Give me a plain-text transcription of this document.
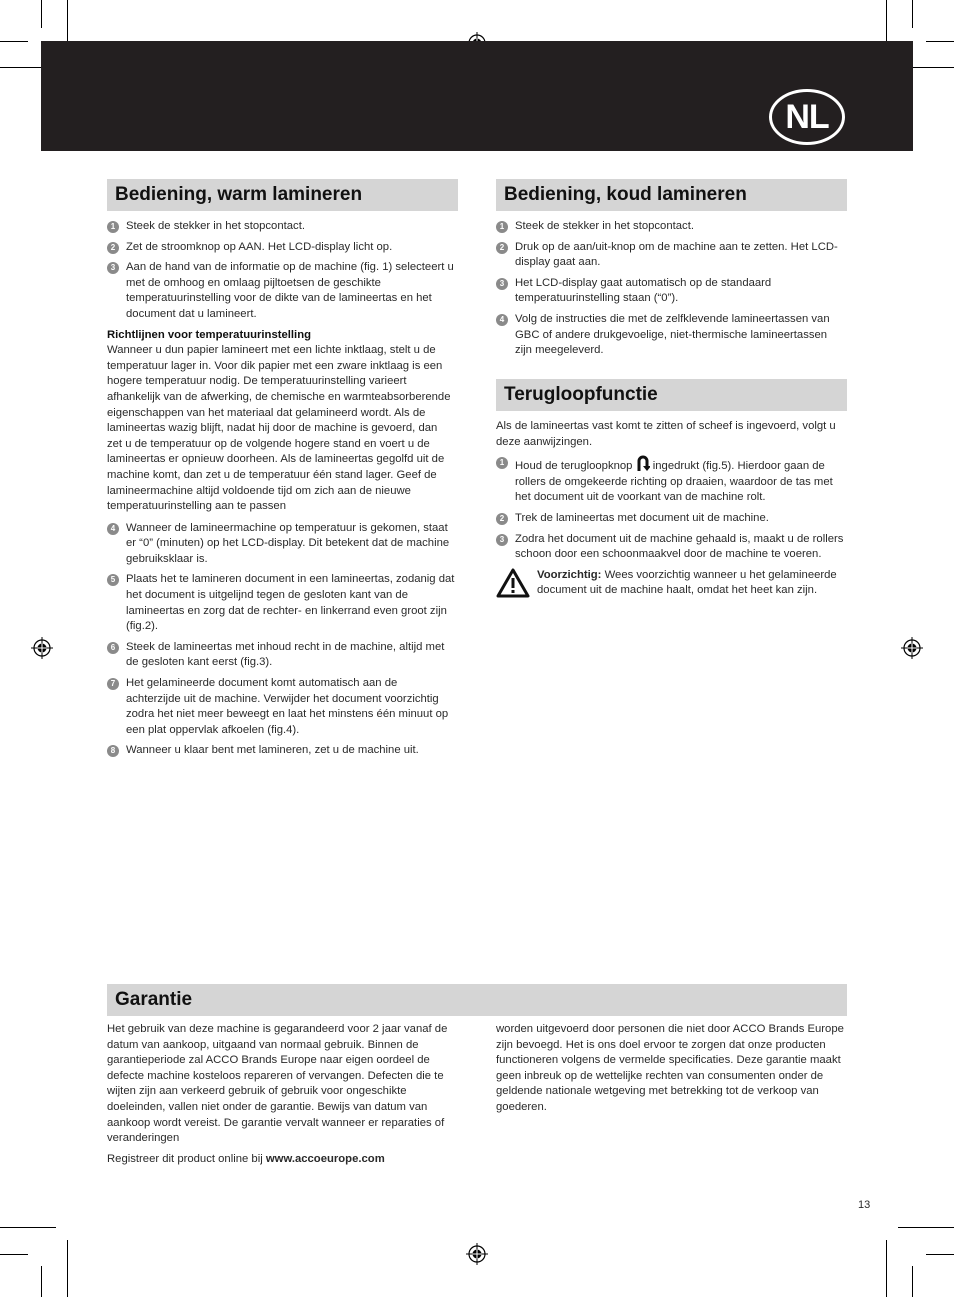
NL
Bediening, warm lamineren
1 Steek de stekker in het stopcontact.
2 Zet de stroomknop op AAN. Het LCD-display licht op.
3 Aan de hand van de informatie op de machine (fig. 1) selecteert u met de omhoog en omlaag pijltoetsen de geschikte temperatuurinstelling voor de dikte van de lamineertas en het document dat u lamineert.
Richtlijnen voor temperatuurinstelling
Wanneer u dun papier lamineert met een lichte inktlaag, stelt u de temperatuur lager in. Voor dik papier met een zware inktlaag is een hogere temperatuur nodig. De temperatuurinstelling varieert afhankelijk van de afwerking, de chemische en warmteabsorberende eigenschappen van het materiaal dat gelamineerd wordt. Als de lamineertas wazig blijft, nadat hij door de machine is gevoerd, dan zet u de temperatuur op de volgende hogere stand en voert u de lamineertas er opnieuw doorheen. Als de lamineertas gegolfd uit de machine komt, dan zet u de temperatuur één stand lager. Geef de lamineermachine altijd voldoende tijd om zich aan de nieuwe temperatuurinstelling aan te passen
4 Wanneer de lamineermachine op temperatuur is gekomen, staat er “0” (minuten) op het LCD-display. Dit betekent dat de machine gebruiksklaar is.
5 Plaats het te lamineren document in een lamineertas, zodanig dat het document is uitgelijnd tegen de gesloten kant van de lamineertas en zorg dat de rechter- en linkerrand even groot zijn (fig.2).
6 Steek de lamineertas met inhoud recht in de machine, altijd met de gesloten kant eerst (fig.3).
7 Het gelamineerde document komt automatisch aan de achterzijde uit de machine. Verwijder het document voorzichtig zodra het niet meer beweegt en laat het minstens één minuut op een plat oppervlak afkoelen (fig.4).
8 Wanneer u klaar bent met lamineren, zet u de machine uit.
Bediening, koud lamineren
1 Steek de stekker in het stopcontact.
2 Druk op de aan/uit-knop om de machine aan te zetten. Het LCD-display gaat aan.
3 Het LCD-display gaat automatisch op de standaard temperatuurinstelling staan (“0”).
4 Volg de instructies die met de zelfklevende lamineertassen van GBC of andere drukgevoelige, niet-thermische lamineertassen zijn meegeleverd.
Terugloopfunctie

Als de lamineertas vast komt te zitten of scheef is ingevoerd, volgt u deze aanwijzingen.

1 Houd de terugloopknop ingedrukt (fig.5). Hierdoor gaan de rollers de omgekeerde richting op draaien, waardoor de tas met het document uit de voorkant van de machine rolt.
2 Trek de lamineertas met document uit de machine.
3 Zodra het document uit de machine gehaald is, maakt u de rollers schoon door een schoonmaakvel door de machine te voeren.
Voorzichtig: Wees voorzichtig wanneer u het gelamineerde document uit de machine haalt, omdat het heet kan zijn.
Garantie

Het gebruik van deze machine is gegarandeerd voor 2 jaar vanaf de datum van aankoop, uitgaand van normaal gebruik. Binnen de garantieperiode zal ACCO Brands Europe naar eigen oordeel de defecte machine kosteloos repareren of vervangen. Defecten die te wijten zijn aan verkeerd gebruik of gebruik voor ongeschikte doeleinden, vallen niet onder de garantie. Bewijs van datum van aankoop wordt vereist. De garantie vervalt wanneer er reparaties of veranderingen

Registreer dit product online bij www.accoeurope.com

worden uitgevoerd door personen die niet door ACCO Brands Europe zijn bevoegd. Het is ons doel ervoor te zorgen dat onze producten functioneren volgens de vermelde specificaties. Deze garantie maakt geen inbreuk op de wettelijke rechten van consumenten onder de geldende nationale wetgeving met betrekking tot de verkoop van goederen.

13
